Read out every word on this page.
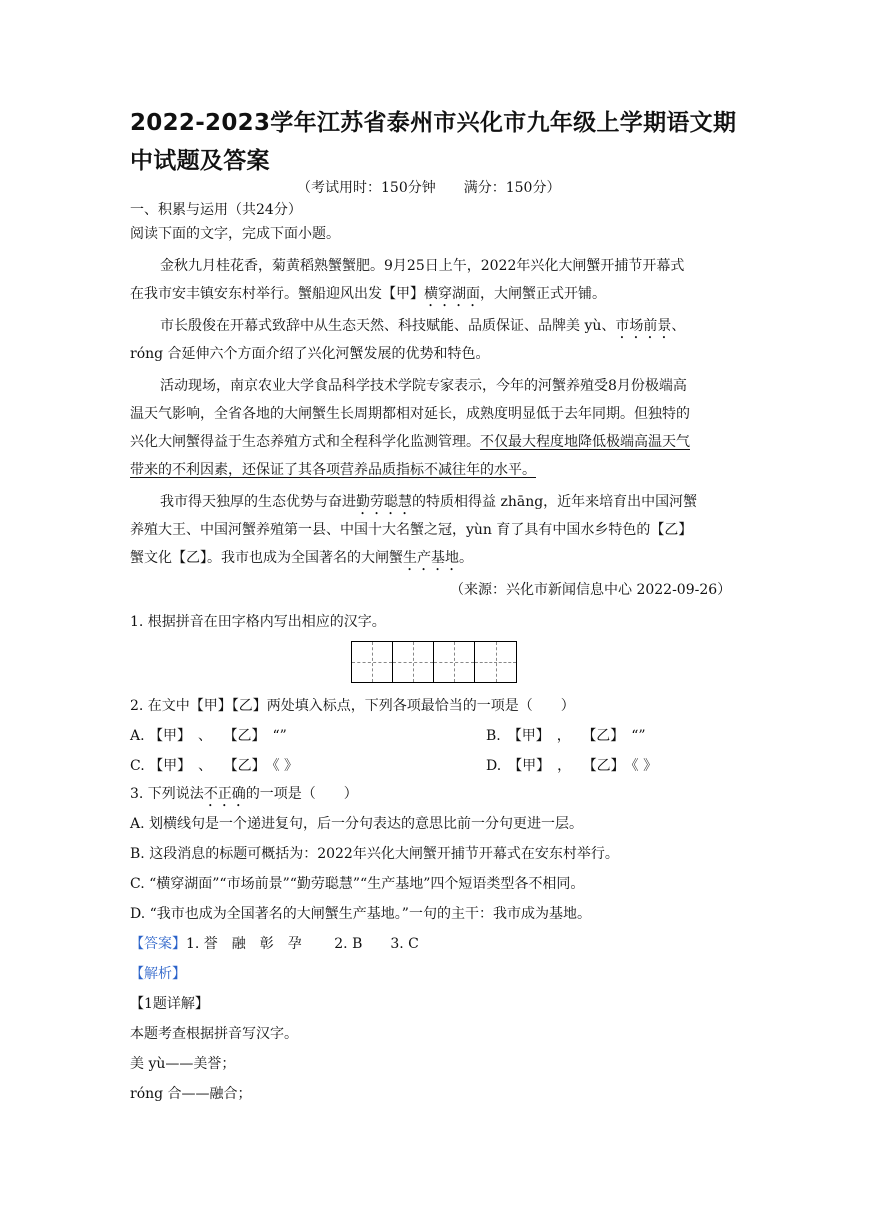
2022-2023学年江苏省泰州市兴化市九年级上学期语文期中试题及答案
（考试用时：150分钟　　满分：150分）
一、积累与运用（共24分）
阅读下面的文字，完成下面小题。
金秋九月桂花香，菊黄稻熟蟹蟹肥。9月25日上午，2022年兴化大闸蟹开捕节开幕式
在我市安丰镇安东村举行。蟹船迎风出发【甲】横穿湖面，大闸蟹正式开铺。
市长殷俊在开幕式致辞中从生态天然、科技赋能、品质保证、品牌美 yù、市场前景、
róng 合延伸六个方面介绍了兴化河蟹发展的优势和特色。
活动现场，南京农业大学食品科学技术学院专家表示，今年的河蟹养殖受8月份极端高
温天气影响，全省各地的大闸蟹生长周期都相对延长，成熟度明显低于去年同期。但独特的
兴化大闸蟹得益于生态养殖方式和全程科学化监测管理。不仅最大程度地降低极端高温天气
带来的不利因素，还保证了其各项营养品质指标不减往年的水平。
我市得天独厚的生态优势与奋进勤劳聪慧的特质相得益 zhāng，近年来培育出中国河蟹
养殖大王、中国河蟹养殖第一县、中国十大名蟹之冠，yùn 育了具有中国水乡特色的【乙】
蟹文化【乙】。我市也成为全国著名的大闸蟹生产基地。
（来源：兴化市新闻信息中心 2022-09-26）
1. 根据拼音在田字格内写出相应的汉字。
2. 在文中【甲】【乙】两处填入标点，下列各项最恰当的一项是（　　）
A. 【甲】　、　 【乙】　“”	B.　【甲】　，　 【乙】　“”
C. 【甲】　、　 【乙】　《 》	D.　【甲】　，　 【乙】　《 》
3. 下列说法不正确的一项是（　　）
A. 划横线句是一个递进复句，后一分句表达的意思比前一分句更进一层。
B. 这段消息的标题可概括为：2022年兴化大闸蟹开捕节开幕式在安东村举行。
C. “横穿湖面”“市场前景”“勤劳聪慧”“生产基地”四个短语类型各不相同。
D. “我市也成为全国著名的大闸蟹生产基地。”一句的主干：我市成为基地。
【答案】1. 誉　融　彰　孕　　 2. B　　3. C
【解析】
【1题详解】
本题考查根据拼音写汉字。
美 yù——美誉；
róng 合——融合；
